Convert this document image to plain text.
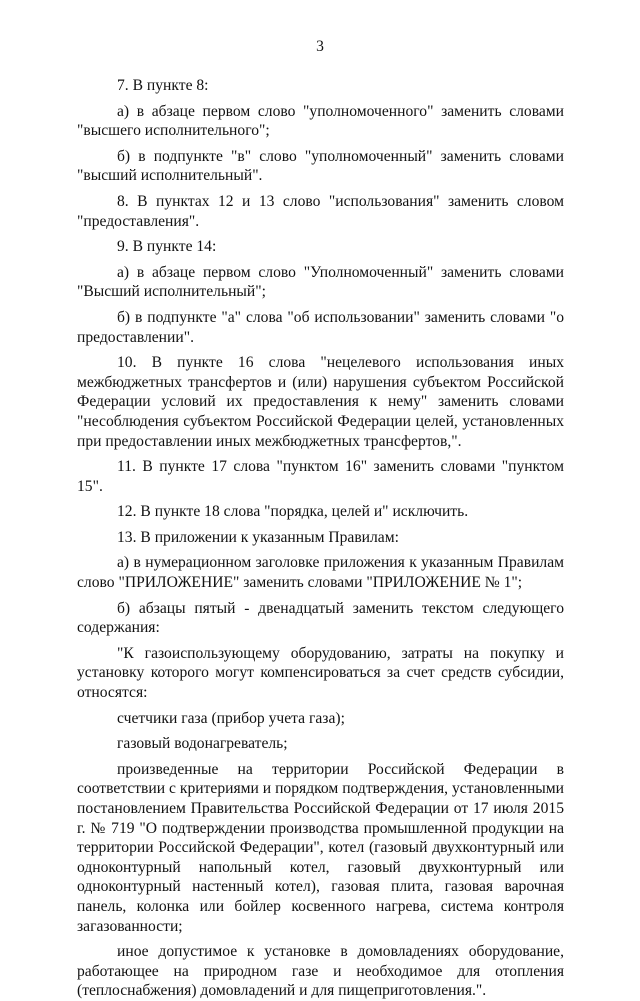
3

7. В пункте 8:

а) в абзаце первом слово "уполномоченного" заменить словами "высшего исполнительного";

б) в подпункте "в" слово "уполномоченный" заменить словами "высший исполнительный".

8. В пунктах 12 и 13 слово "использования" заменить словом "предоставления".

9. В пункте 14:

а) в абзаце первом слово "Уполномоченный" заменить словами "Высший исполнительный";

б) в подпункте "а" слова "об использовании" заменить словами "о предоставлении".

10. В пункте 16 слова "нецелевого использования иных межбюджетных трансфертов и (или) нарушения субъектом Российской Федерации условий их предоставления к нему" заменить словами "несоблюдения субъектом Российской Федерации целей, установленных при предоставлении иных межбюджетных трансфертов,".

11. В пункте 17 слова "пунктом 16" заменить словами "пунктом 15".

12. В пункте 18 слова "порядка, целей и" исключить.

13. В приложении к указанным Правилам:

а) в нумерационном заголовке приложения к указанным Правилам слово "ПРИЛОЖЕНИЕ" заменить словами "ПРИЛОЖЕНИЕ № 1";

б) абзацы пятый - двенадцатый заменить текстом следующего содержания:

"К газоиспользующему оборудованию, затраты на покупку и установку которого могут компенсироваться за счет средств субсидии, относятся:

счетчики газа (прибор учета газа);

газовый водонагреватель;

произведенные на территории Российской Федерации в соответствии с критериями и порядком подтверждения, установленными постановлением Правительства Российской Федерации от 17 июля 2015 г. № 719 "О подтверждении производства промышленной продукции на территории Российской Федерации", котел (газовый двухконтурный или одноконтурный напольный котел, газовый двухконтурный или одноконтурный настенный котел), газовая плита, газовая варочная панель, колонка или бойлер косвенного нагрева, система контроля загазованности;

иное допустимое к установке в домовладениях оборудование, работающее на природном газе и необходимое для отопления (теплоснабжения) домовладений и для пищеприготовления.".
